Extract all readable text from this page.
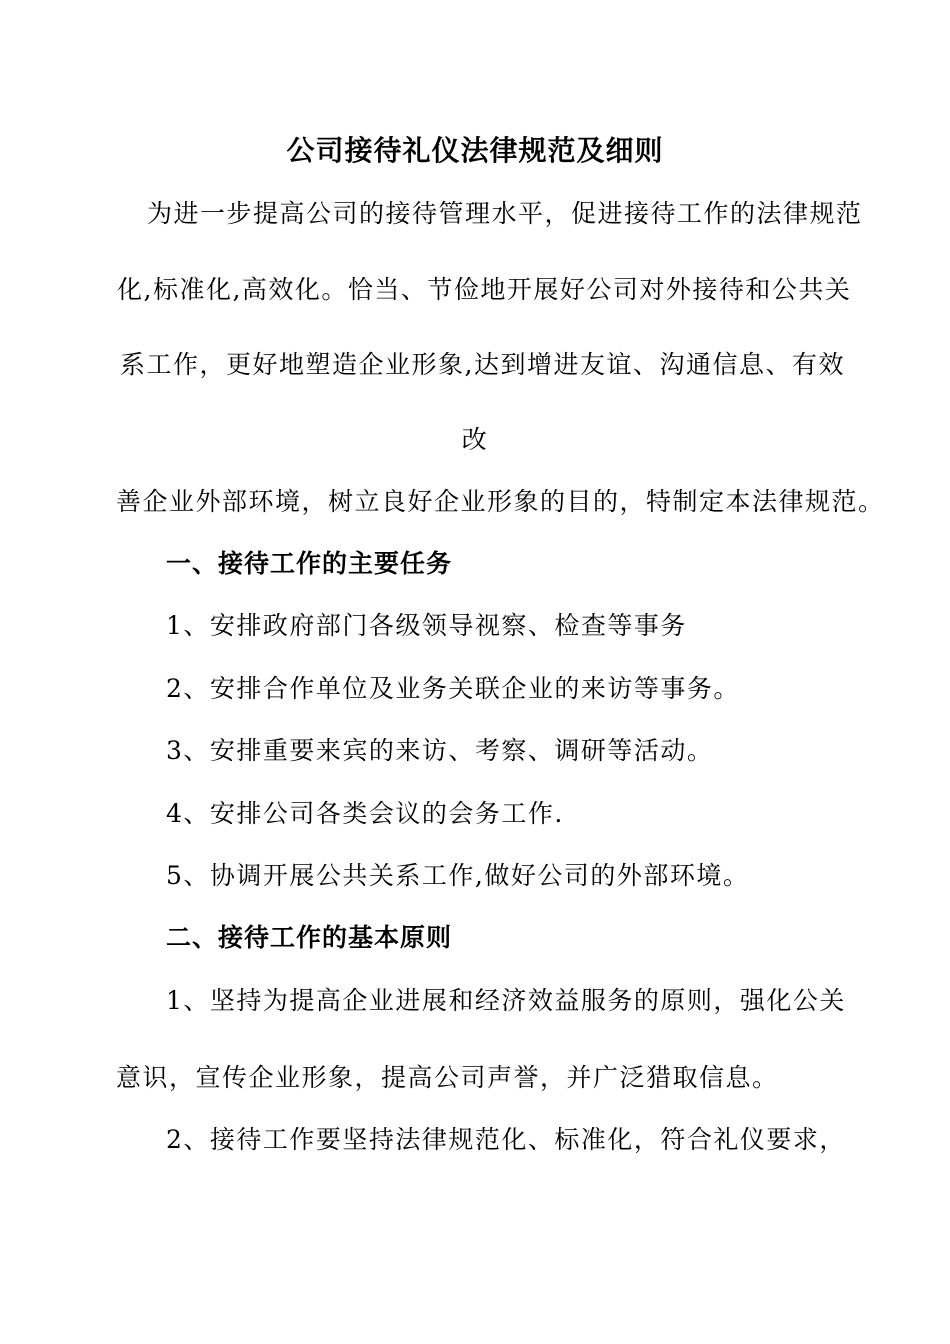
公司接待礼仪法律规范及细则
为进一步提高公司的接待管理水平，促进接待工作的法律规范
化,标准化,高效化。恰当、节俭地开展好公司对外接待和公共关
系工作，更好地塑造企业形象,达到增进友谊、沟通信息、有效
改
善企业外部环境，树立良好企业形象的目的，特制定本法律规范。
一、接待工作的主要任务
1、安排政府部门各级领导视察、检查等事务
2、安排合作单位及业务关联企业的来访等事务。
3、安排重要来宾的来访、考察、调研等活动。
4、安排公司各类会议的会务工作.
5、协调开展公共关系工作,做好公司的外部环境。
二、接待工作的基本原则
1、坚持为提高企业进展和经济效益服务的原则，强化公关
意识，宣传企业形象，提高公司声誉，并广泛猎取信息。
2、接待工作要坚持法律规范化、标准化，符合礼仪要求，
